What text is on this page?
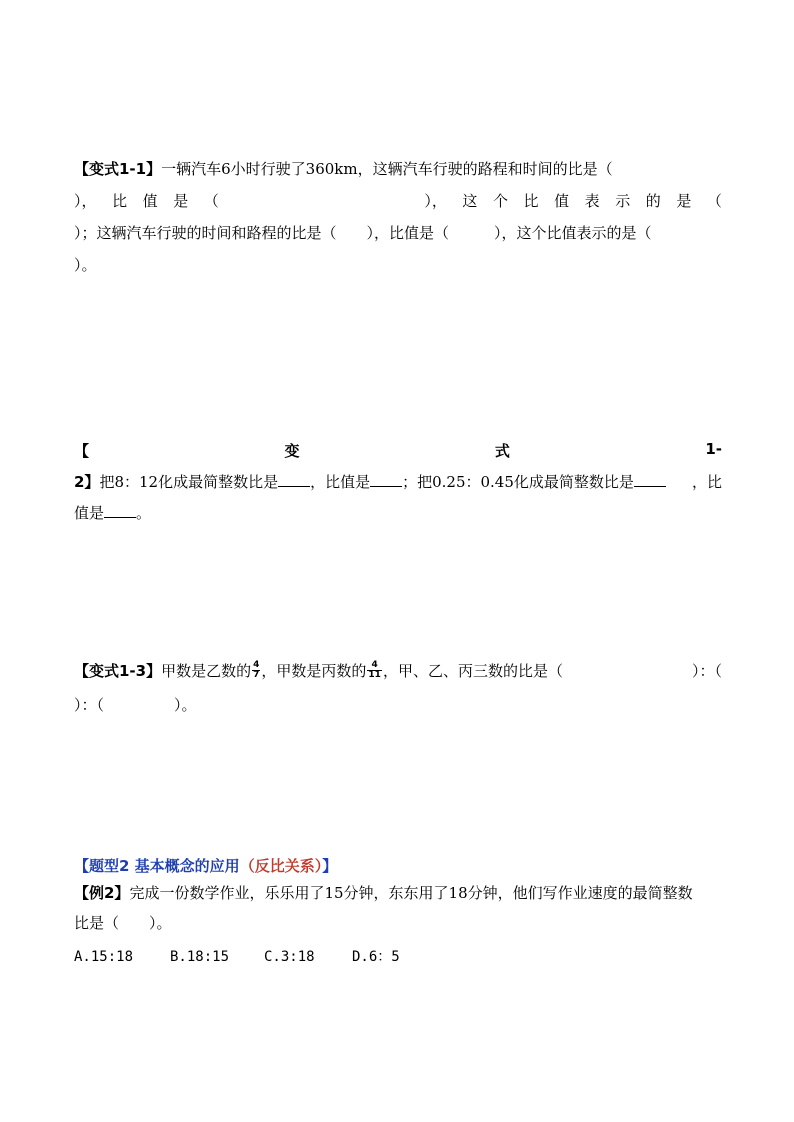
【变式1-1】一辆汽车6小时行驶了360km，这辆汽车行驶的路程和时间的比是（
）， 比 值 是 （	）， 这 个 比 值 表 示 的 是 （
）；这辆汽车行驶的时间和路程的比是（　　），比值是（　　　），这个比值表示的是（
）。
【	变	式	1-
2】把8：12化成最简整数比是 ，比值是 ；把0.25：0.45化成最简整数比是	，比
值是 。
【变式1-3】 甲数是乙数的 $\frac{4}{7}$ ，甲数是丙数的 $\frac{4}{11}$ ，甲、乙、丙三数的比是（	）：（
）：（	）。
【题型2 基本概念的应用（反比关系）】
【例2】完成一份数学作业，乐乐用了15分钟，东东用了18分钟，他们写作业速度的最简整数
比是（　　）。
A.15:18	B.18:15 C.3:18	D.6：5
